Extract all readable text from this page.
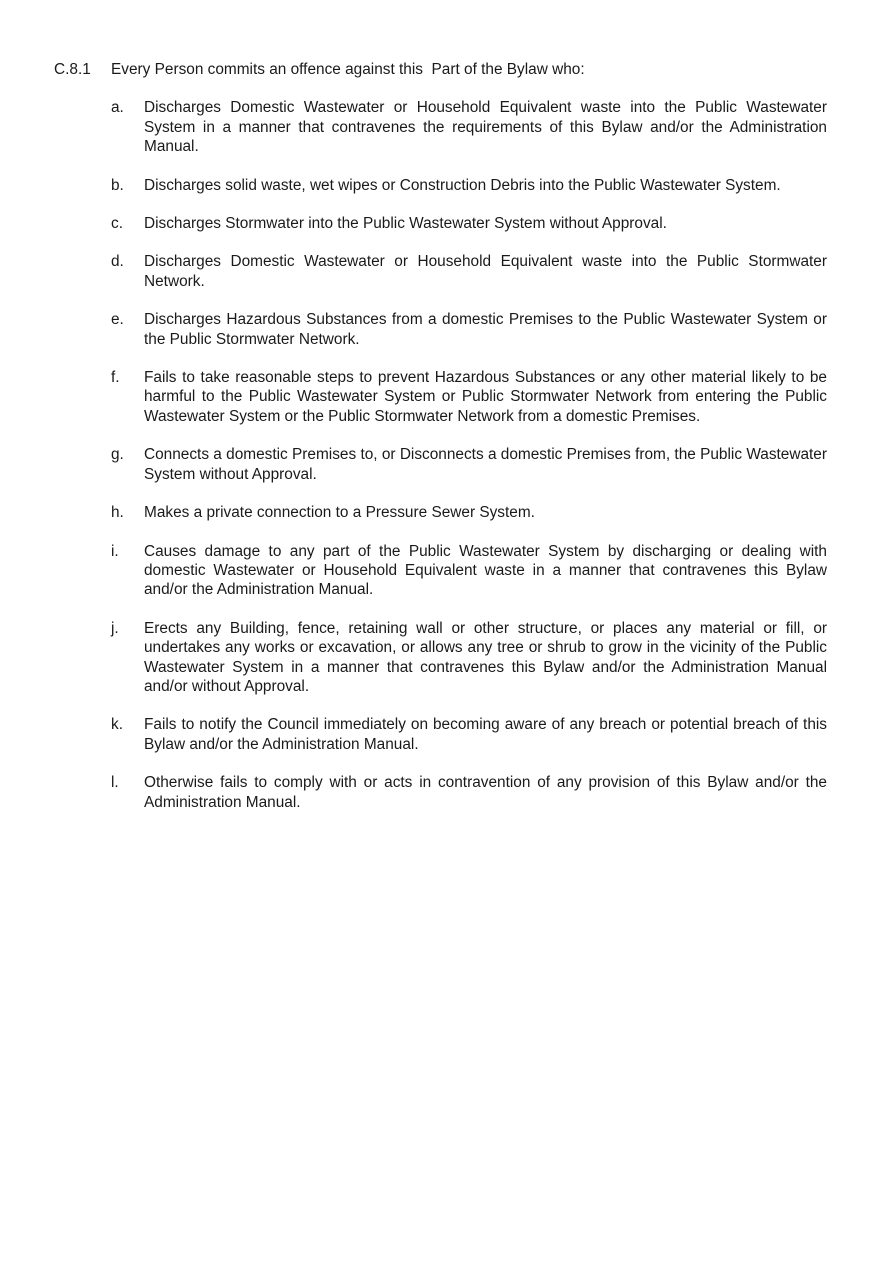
C.8.1	Every Person commits an offence against this  Part of the Bylaw who:
a.	Discharges Domestic Wastewater or Household Equivalent waste into the Public Wastewater System in a manner that contravenes the requirements of this Bylaw and/or the Administration Manual.
b.	Discharges solid waste, wet wipes or Construction Debris into the Public Wastewater System.
c.	Discharges Stormwater into the Public Wastewater System without Approval.
d.	Discharges Domestic Wastewater or Household Equivalent waste into the Public Stormwater Network.
e.	Discharges Hazardous Substances from a domestic Premises to the Public Wastewater System or the Public Stormwater Network.
f.	Fails to take reasonable steps to prevent Hazardous Substances or any other material likely to be harmful to the Public Wastewater System or Public Stormwater Network from entering the Public Wastewater System or the Public Stormwater Network from a domestic Premises.
g.	Connects a domestic Premises to, or Disconnects a domestic Premises from, the Public Wastewater System without Approval.
h.	Makes a private connection to a Pressure Sewer System.
i.	Causes damage to any part of the Public Wastewater System by discharging or dealing with domestic Wastewater or Household Equivalent waste in a manner that contravenes this Bylaw and/or the Administration Manual.
j.	Erects any Building, fence, retaining wall or other structure, or places any material or fill, or undertakes any works or excavation, or allows any tree or shrub to grow in the vicinity of the Public Wastewater System in a manner that contravenes this Bylaw and/or the Administration Manual and/or without Approval.
k.	Fails to notify the Council immediately on becoming aware of any breach or potential breach of this Bylaw and/or the Administration Manual.
l.	Otherwise fails to comply with or acts in contravention of any provision of this Bylaw and/or the Administration Manual.
